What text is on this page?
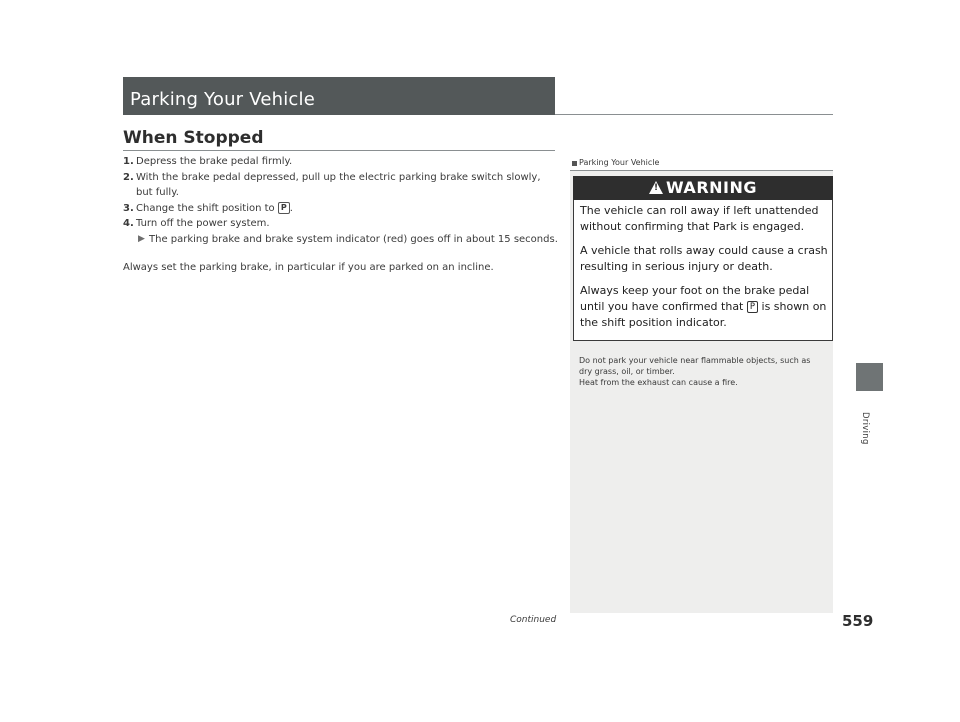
Parking Your Vehicle
When Stopped
1. Depress the brake pedal firmly.
2. With the brake pedal depressed, pull up the electric parking brake switch slowly, but fully.
3. Change the shift position to P .
4. Turn off the power system.
▶ The parking brake and brake system indicator (red) goes off in about 15 seconds.
Always set the parking brake, in particular if you are parked on an incline.
Parking Your Vehicle
! WARNING

The vehicle can roll away if left unattended without confirming that Park is engaged.

A vehicle that rolls away could cause a crash resulting in serious injury or death.

Always keep your foot on the brake pedal until you have confirmed that P is shown on the shift position indicator.

Do not park your vehicle near flammable objects, such as dry grass, oil, or timber.

Heat from the exhaust can cause a fire.

Driving
Continued	559
